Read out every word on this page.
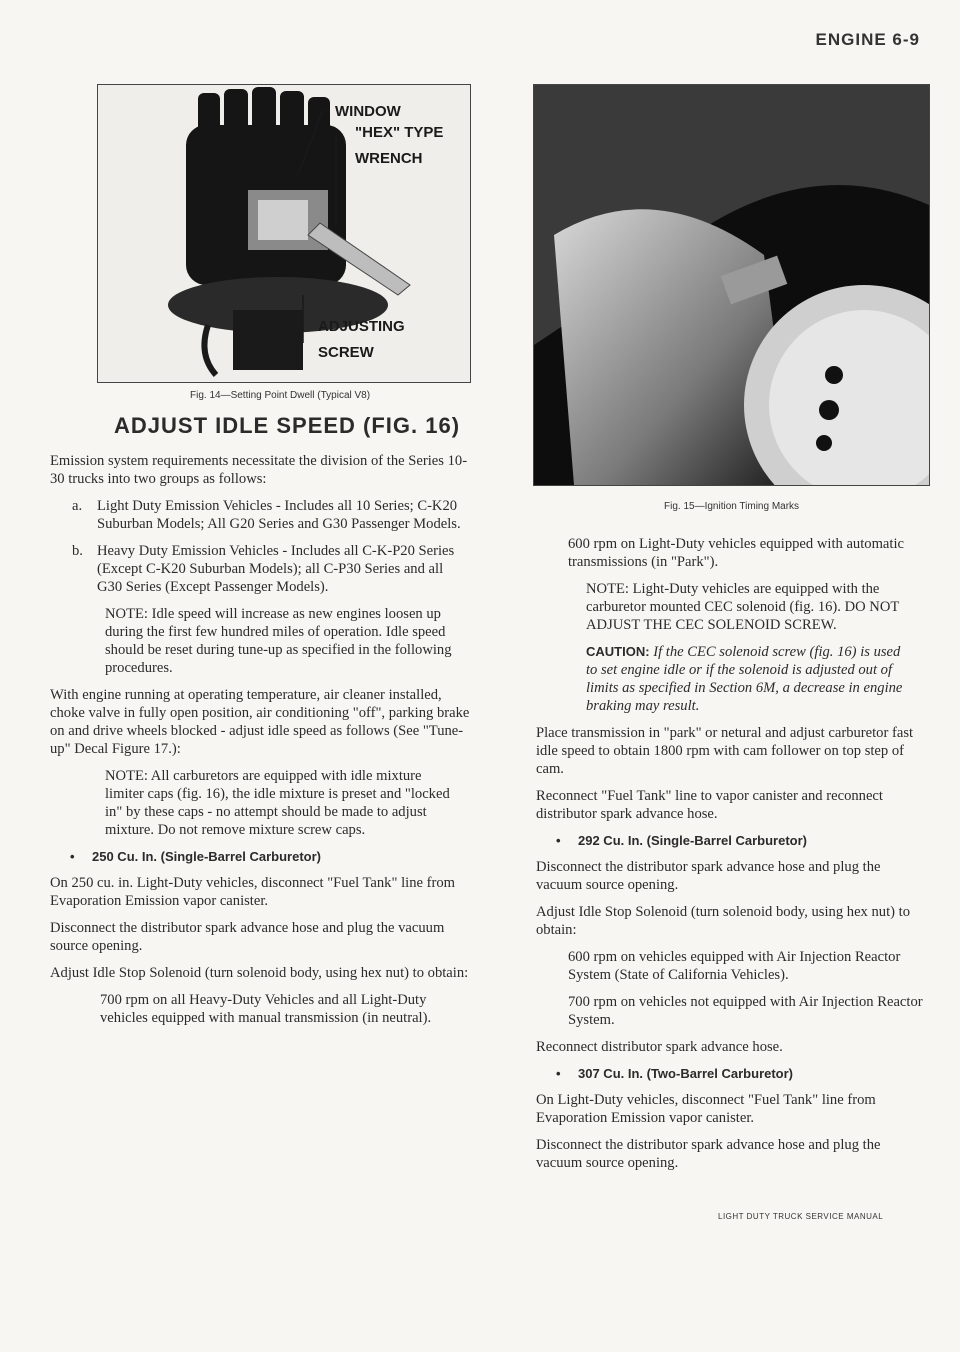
ENGINE 6-9
WINDOW
"HEX" TYPE
WRENCH
ADJUSTING
SCREW
Fig. 14—Setting Point Dwell (Typical V8)
Fig. 15—Ignition Timing Marks
ADJUST IDLE SPEED (FIG. 16)

Emission system requirements necessitate the division of the Series 10-30 trucks into two groups as follows:

a.	Light Duty Emission Vehicles - Includes all 10 Series; C-K20 Suburban Models; All G20 Series and G30 Passenger Models.

b. Heavy Duty Emission Vehicles - Includes all C-K-P20 Series (Except C-K20 Suburban Models); all C-P30 Series and all G30 Series (Except Passenger Models).

NOTE: Idle speed will increase as new engines loosen up during the first few hundred miles of operation. Idle speed should be reset during tune-up as specified in the following procedures.

With engine running at operating temperature, air cleaner installed, choke valve in fully open position, air conditioning "off", parking brake on and drive wheels blocked - adjust idle speed as follows (See "Tune-up" Decal Figure 17.):

NOTE: All carburetors are equipped with idle mixture limiter caps (fig. 16), the idle mixture is preset and "locked in" by these caps - no attempt should be made to adjust mixture. Do not remove mixture screw caps.

• 250 Cu. In. (Single-Barrel Carburetor)

On 250 cu. in. Light-Duty vehicles, disconnect "Fuel Tank" line from Evaporation Emission vapor canister.

Disconnect the distributor spark advance hose and plug the vacuum source opening.

Adjust Idle Stop Solenoid (turn solenoid body, using hex nut) to obtain:

700 rpm on all Heavy-Duty Vehicles and all Light-Duty vehicles equipped with manual transmission (in neutral).

600 rpm on Light-Duty vehicles equipped with automatic transmissions (in "Park").

NOTE: Light-Duty vehicles are equipped with the carburetor mounted CEC solenoid (fig. 16). DO NOT ADJUST THE CEC SOLENOID SCREW.

CAUTION: If the CEC solenoid screw (fig. 16) is used to set engine idle or if the solenoid is adjusted out of limits as specified in Section 6M, a decrease in engine braking may result.

Place transmission in "park" or netural and adjust carburetor fast idle speed to obtain 1800 rpm with cam follower on top step of cam.

Reconnect "Fuel Tank" line to vapor canister and reconnect distributor spark advance hose.

• 292 Cu. In. (Single-Barrel Carburetor)

Disconnect the distributor spark advance hose and plug the vacuum source opening.

Adjust Idle Stop Solenoid (turn solenoid body, using hex nut) to obtain:

600 rpm on vehicles equipped with Air Injection Reactor System (State of California Vehicles).

700 rpm on vehicles not equipped with Air Injection Reactor System.

Reconnect distributor spark advance hose.

• 307 Cu. In. (Two-Barrel Carburetor)

On Light-Duty vehicles, disconnect "Fuel Tank" line from Evaporation Emission vapor canister.

Disconnect the distributor spark advance hose and plug the vacuum source opening.

LIGHT DUTY TRUCK SERVICE MANUAL
